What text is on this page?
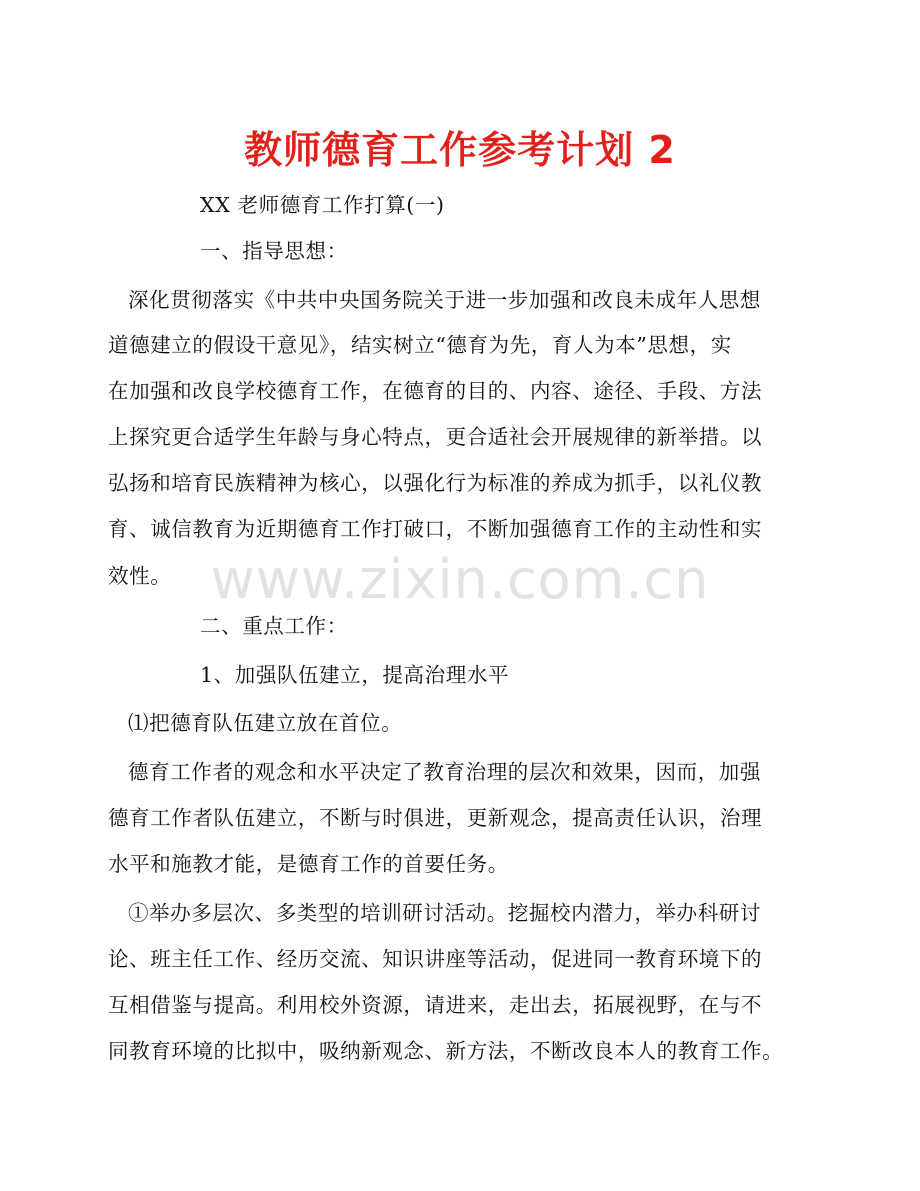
教师德育工作参考计划 2
XX 老师德育工作打算(一)
一、指导思想：
深化贯彻落实《中共中央国务院关于进一步加强和改良未成年人思想
道德建立的假设干意见》，结实树立“德育为先，育人为本”思想，实
在加强和改良学校德育工作，在德育的目的、内容、途径、手段、方法
上探究更合适学生年龄与身心特点，更合适社会开展规律的新举措。以
弘扬和培育民族精神为核心，以强化行为标准的养成为抓手，以礼仪教
育、诚信教育为近期德育工作打破口，不断加强德育工作的主动性和实
效性。
二、重点工作：
1、加强队伍建立，提高治理水平
⑴把德育队伍建立放在首位。
德育工作者的观念和水平决定了教育治理的层次和效果，因而，加强
德育工作者队伍建立，不断与时俱进，更新观念，提高责任认识，治理
水平和施教才能，是德育工作的首要任务。
①举办多层次、多类型的培训研讨活动。挖掘校内潜力，举办科研讨
论、班主任工作、经历交流、知识讲座等活动，促进同一教育环境下的
互相借鉴与提高。利用校外资源，请进来，走出去，拓展视野，在与不
同教育环境的比拟中，吸纳新观念、新方法，不断改良本人的教育工作。
www.zixin.com.cn
